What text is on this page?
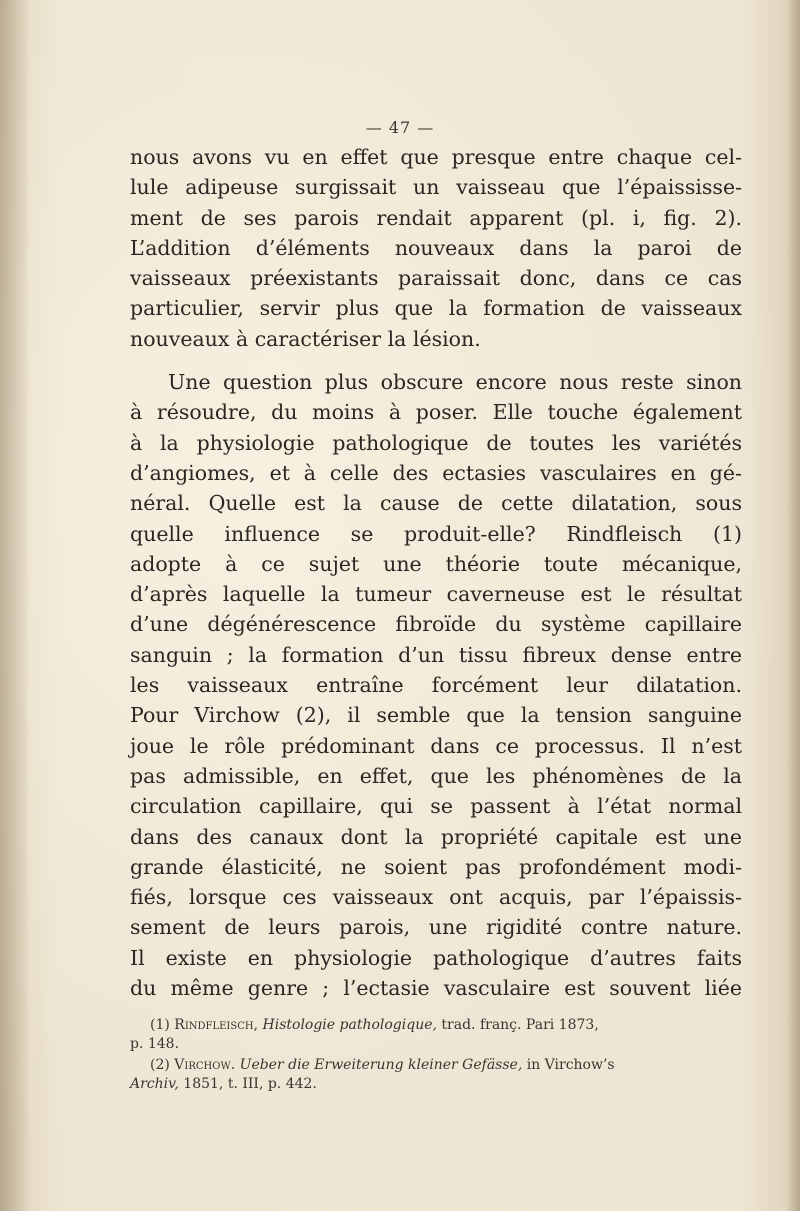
— 47 —

nous avons vu en effet que presque entre chaque cel-
lule adipeuse surgissait un vaisseau que l’épaississe-
ment de ses parois rendait apparent (pl. i, fig. 2).
L’addition d’éléments nouveaux dans la paroi de
vaisseaux préexistants paraissait donc, dans ce cas
particulier, servir plus que la formation de vaisseaux
nouveaux à caractériser la lésion.

Une question plus obscure encore nous reste sinon
à résoudre, du moins à poser. Elle touche également
à la physiologie pathologique de toutes les variétés
d’angiomes, et à celle des ectasies vasculaires en gé-
néral. Quelle est la cause de cette dilatation, sous
quelle influence se produit-elle? Rindfleisch (1)
adopte à ce sujet une théorie toute mécanique,
d’après laquelle la tumeur caverneuse est le résultat
d’une dégénérescence fibroïde du système capillaire
sanguin ; la formation d’un tissu fibreux dense entre
les vaisseaux entraîne forcément leur dilatation.
Pour Virchow (2), il semble que la tension sanguine
joue le rôle prédominant dans ce processus. Il n’est
pas admissible, en effet, que les phénomènes de la
circulation capillaire, qui se passent à l’état normal
dans des canaux dont la propriété capitale est une
grande élasticité, ne soient pas profondément modi-
fiés, lorsque ces vaisseaux ont acquis, par l’épaissis-
sement de leurs parois, une rigidité contre nature.
Il existe en physiologie pathologique d’autres faits
du même genre ; l’ectasie vasculaire est souvent liée

(1) Rindfleisch, Histologie pathologique, trad. franç. Pari 1873,
p. 148.

(2) Virchow. Ueber die Erweiterung kleiner Gefässe, in Virchow’s
Archiv, 1851, t. III, p. 442.
